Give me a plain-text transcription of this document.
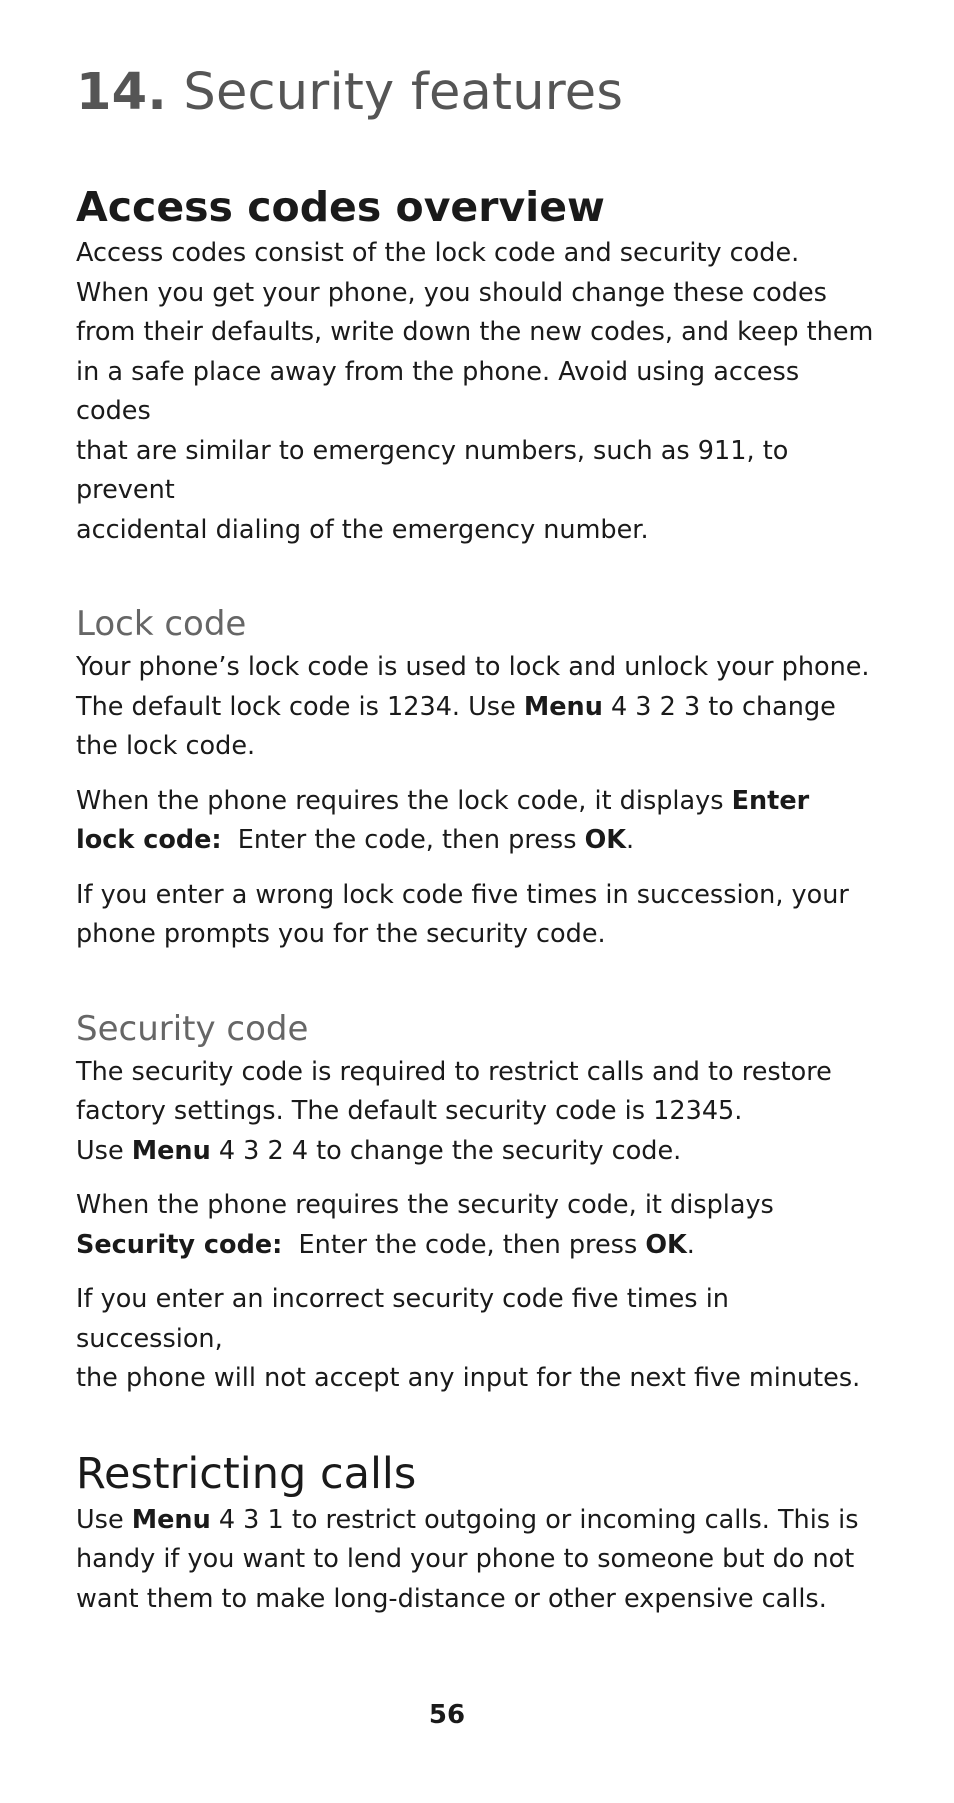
14. Security features
Access codes overview

Access codes consist of the lock code and security code.
When you get your phone, you should change these codes
from their defaults, write down the new codes, and keep them
in a safe place away from the phone. Avoid using access codes
that are similar to emergency numbers, such as 911, to prevent
accidental dialing of the emergency number.

Lock code

Your phone’s lock code is used to lock and unlock your phone.
The default lock code is 1234. Use Menu 4 3 2 3 to change
the lock code.

When the phone requires the lock code, it displays Enter
lock code:  Enter the code, then press OK.

If you enter a wrong lock code five times in succession, your
phone prompts you for the security code.

Security code

The security code is required to restrict calls and to restore
factory settings. The default security code is 12345.
Use Menu 4 3 2 4 to change the security code.

When the phone requires the security code, it displays
Security code:  Enter the code, then press OK.

If you enter an incorrect security code five times in succession,
the phone will not accept any input for the next five minutes.

Restricting calls

Use Menu 4 3 1 to restrict outgoing or incoming calls. This is
handy if you want to lend your phone to someone but do not
want them to make long-distance or other expensive calls.

56
